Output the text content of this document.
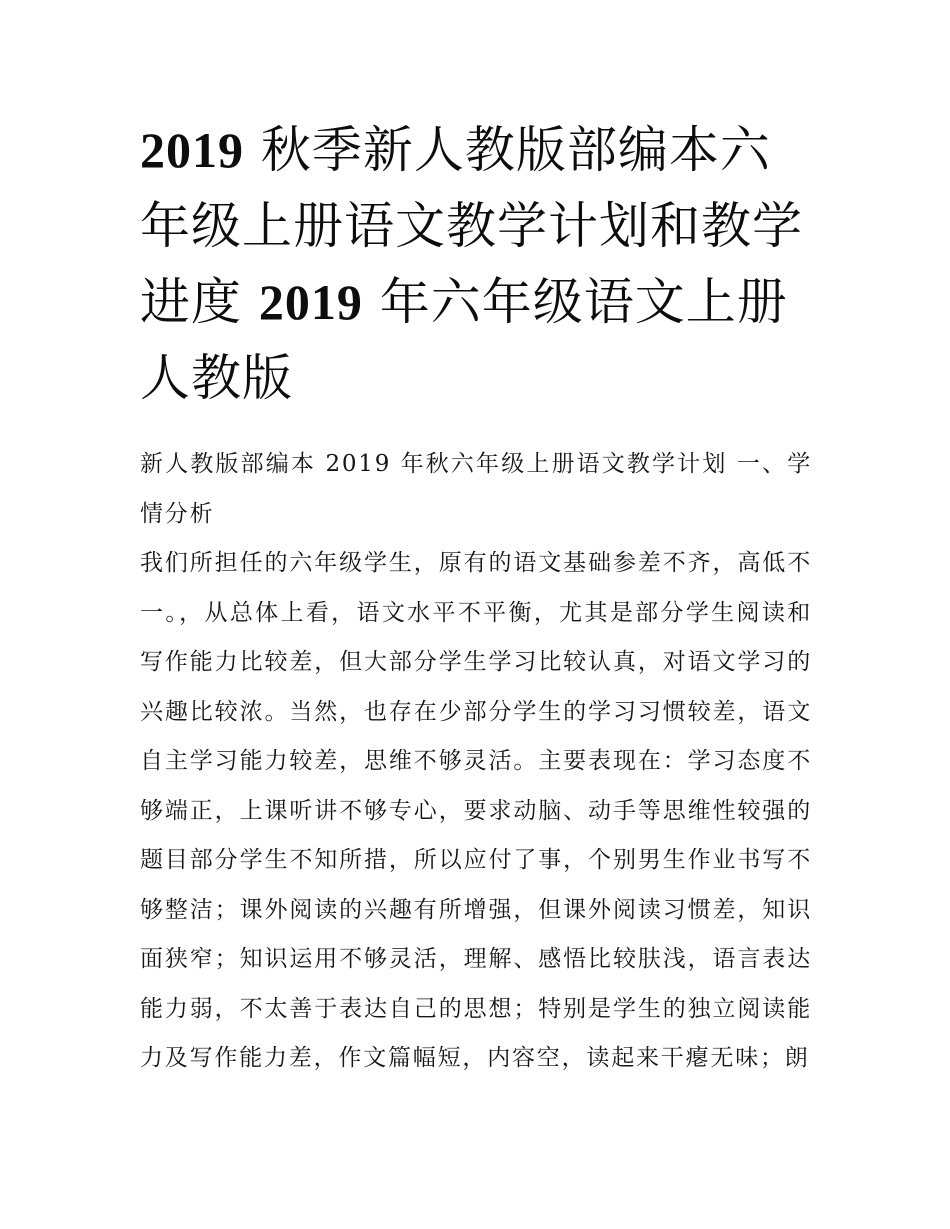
2019 秋季新人教版部编本六年级上册语文教学计划和教学进度 2019 年六年级语文上册人教版

新人教版部编本 2019 年秋六年级上册语文教学计划 一、学情分析

我们所担任的六年级学生，原有的语文基础参差不齐，高低不一。，从总体上看，语文水平不平衡，尤其是部分学生阅读和写作能力比较差，但大部分学生学习比较认真，对语文学习的兴趣比较浓。当然，也存在少部分学生的学习习惯较差，语文自主学习能力较差，思维不够灵活。主要表现在：学习态度不够端正，上课听讲不够专心，要求动脑、动手等思维性较强的题目部分学生不知所措，所以应付了事，个别男生作业书写不够整洁；课外阅读的兴趣有所增强，但课外阅读习惯差，知识面狭窄；知识运用不够灵活，理解、感悟比较肤浅，语言表达能力弱，不太善于表达自己的思想；特别是学生的独立阅读能力及写作能力差，作文篇幅短，内容空，读起来干瘪无味；朗
